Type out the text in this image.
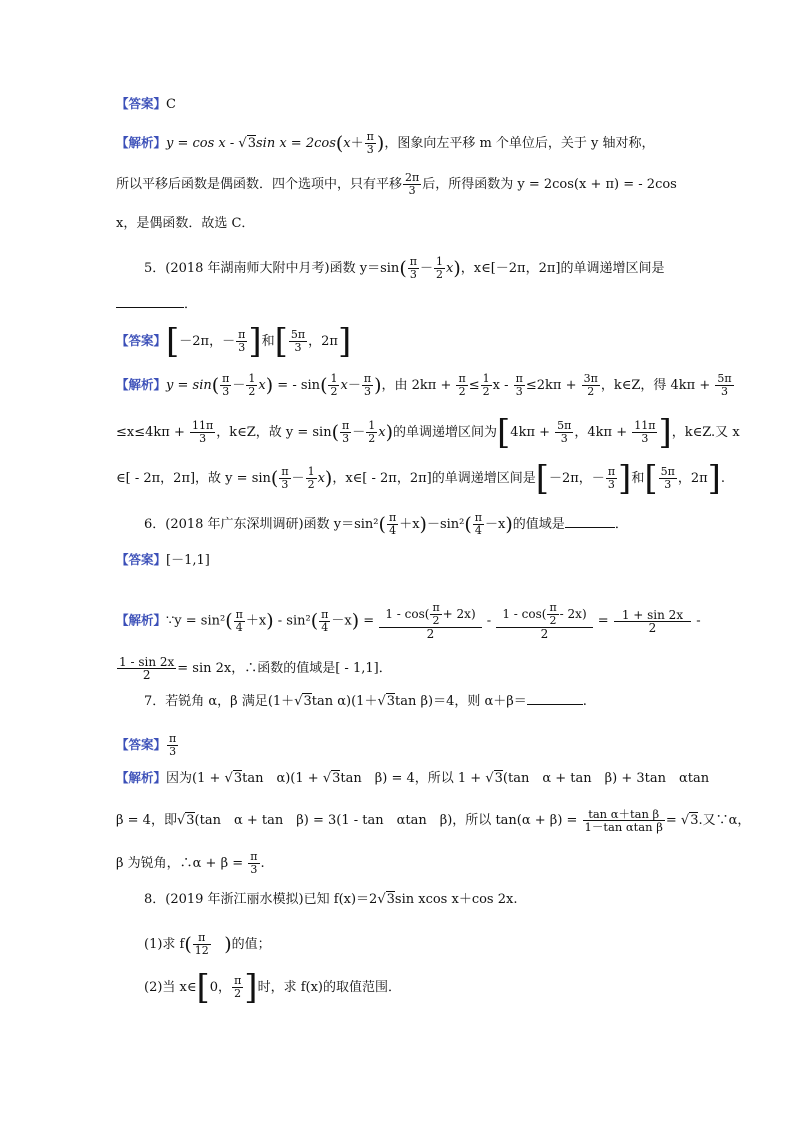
【答案】C
【解析】y = cos x - √3sin $x = 2\cos(x+ \frac{\pi}{3}$ )，图象向左平移 m 个单位后，关于 y 轴对称，
所以平移后函数是偶函数．四个选项中，只有平移 $\frac{2\pi}{3}$ 后，所得函数为 y = 2cos(x + π) = - 2cos
x，是偶函数．故选 C．
5．(2018 年湖南师大附中月考)函数 $y=\sin( \frac{\pi}{3} - \frac{1}{2} x)$，x∈[－2π，2π]的单调递增区间是
．
【答案】[－2π，－ $\frac{\pi}{3}$ ]和[ $\frac{5\pi}{3}$ ，2π]
【解析】$y = \sin( \frac{\pi}{3} - \frac{1}{2} x)$ = - $\sin( \frac{1}{2} x- \frac{\pi}{3}$ )，由 $2k\pi + \frac{\pi}{2} \le \frac{1}{2}$ $x - \frac{\pi}{3} \le 2k\pi + \frac{3\pi}{2}$ ，k∈Z，得 $4k\pi + \frac{5\pi}{3}$
$\le x\le 4k\pi + \frac{11\pi}{3}$ ，k∈Z，故 $y = \sin( \frac{\pi}{3} - \frac{1}{2} x)$的单调递增区间为[$4k\pi + \frac{5\pi}{3}$ ，$4k\pi + \frac{11\pi}{3}$ ]，k∈Z.又 x
∈[ - 2π，2π]，故 $y = \sin( \frac{\pi}{3} - \frac{1}{2} x)$，x∈[ - 2π，2π]的单调递增区间是[－2π，－ $\frac{\pi}{3}$ ]和[ $\frac{5\pi}{3}$ ，2π].
6．(2018 年广东深圳调研)函数 $y=\sin^2( \frac{\pi}{4} +x)-\sin^2( \frac{\pi}{4} -x)$的值域是	．
【答案】[－1,1]
【解析】∵y = $\sin^2( \frac{\pi}{4} +x) - \sin^2( \frac{\pi}{4} -x) = \frac{1 - \cos( \frac{\pi}{2} + 2x)}{2} - \frac{1 - \cos( \frac{\pi}{2} - 2x)}{2} = \frac{1 + \sin 2x}{2}$ -
$\frac{1 - \sin 2x}{2} = \sin 2x$，∴函数的值域是[ - 1,1]．
7．若锐角 α，β 满足(1＋√3tan α)(1＋√3tan β)＝4，则 α＋β＝	.
【答案】 $\frac{\pi}{3}$
【解析】因为(1 + √3tan　α)(1 + √3tan　β) = 4，所以 1 + √3(tan　α + tan　β) + 3tan　αtan
β = 4，即√3(tan　α + tan　β) = 3(1 - tan　αtan　β)，所以 $\tan(\alpha + \beta) = \frac{\text{tan α＋tan β}}{\text{1－tan αtan β}} = √3$.又∵α，
β 为锐角，∴α + $\beta = \frac{\pi}{3}$ .
8．(2019 年浙江丽水模拟)已知 f(x)＝2√3sin xcos x＋cos 2x.
(1)求 $f( \frac{\pi}{12}$ )的值；
(2)当 x∈[0， $\frac{\pi}{2}$ ]时，求 f(x)的取值范围．
